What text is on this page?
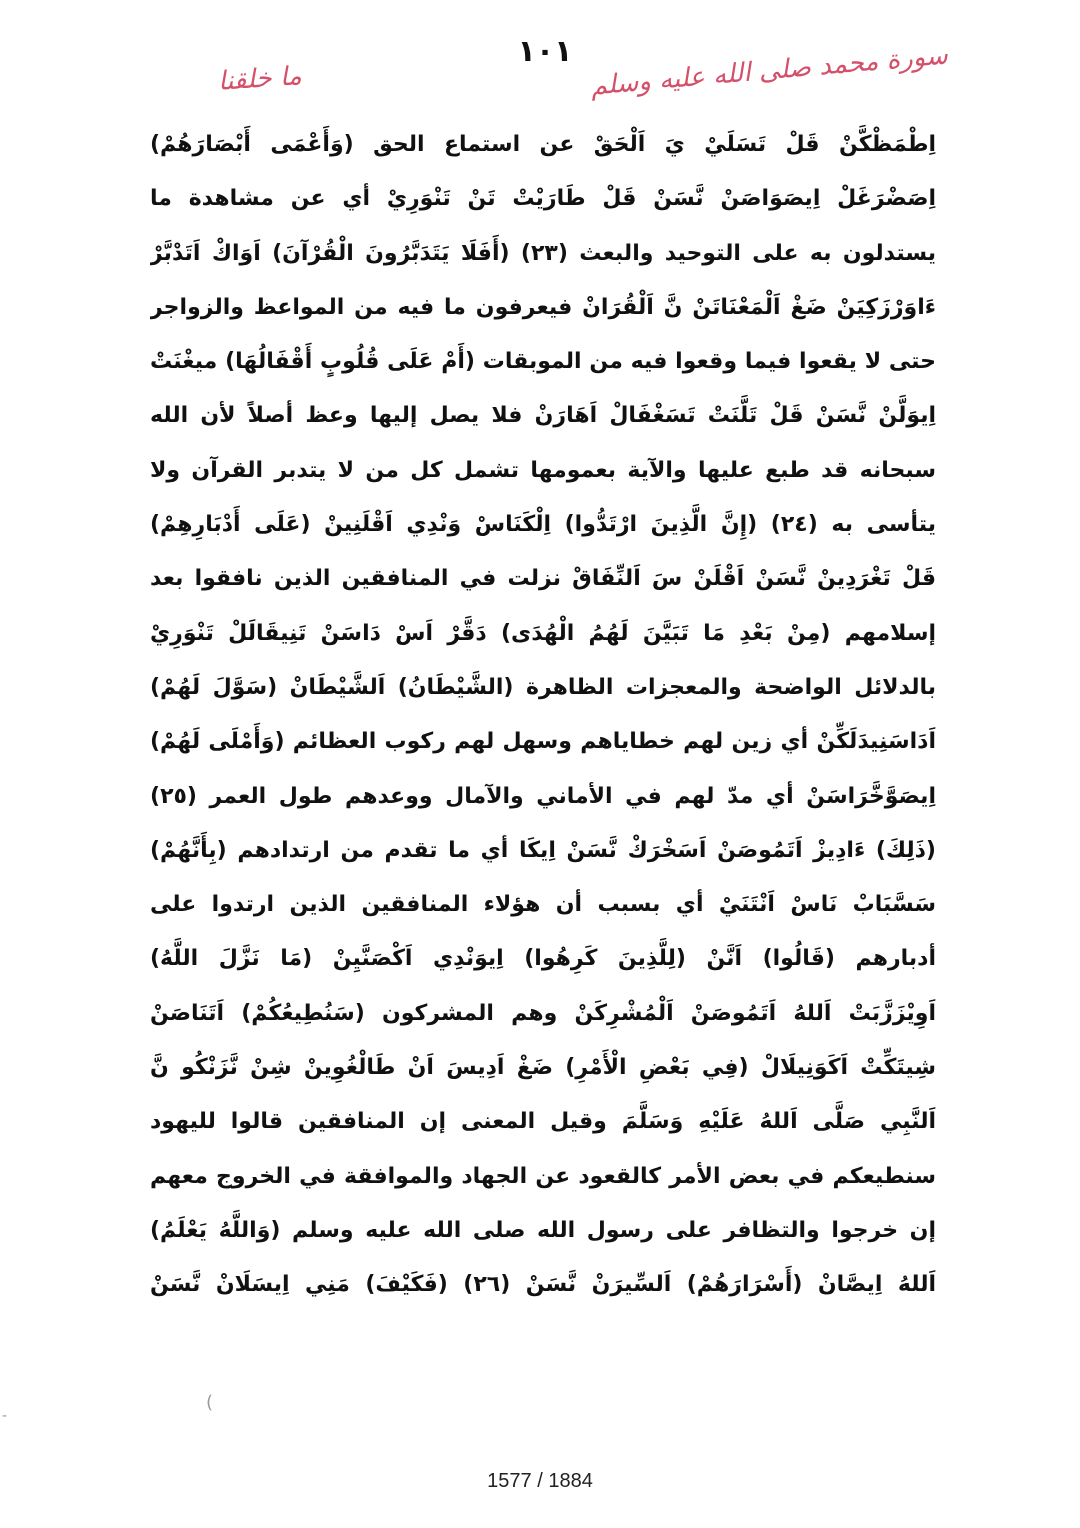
ما خلقنا
١٠١ سورة محمد صلى الله عليه وسلم
اِطْمَظْكَّنْ قَلْ تَسَلَيْ يَ اَلْحَقْ عن استماع الحق (وَأَعْمَى أَبْصَارَهُمْ)
اِصَضْرَغَلْ اِيصَوَاصَنْ نَّسَنْ قَلْ طَارَيْتْ تَنْ تَنْوَرِيْ أي عن مشاهدة ما
يستدلون به على التوحيد والبعث (٢٣) (أَفَلَا يَتَدَبَّرُونَ الْقُرْآنَ) اَوَاكْ اَتَدْبَّرْ
ءَاوَرْزَكِيَنْ ضَغْ اَلْمَعْنَاتَنْ نَّ اَلْقُرَانْ فيعرفون ما فيه من المواعظ والزواجر
حتى لا يقعوا فيما وقعوا فيه من الموبقات (أَمْ عَلَى قُلُوبٍ أَقْفَالُهَا) ميغْنَتْ
اِيوَلَّنْ نَّسَنْ قَلْ تَلَّنَتْ تَسَغْفَالْ اَهَارَنْ فلا يصل إليها وعظ أصلاً لأن الله
سبحانه قد طبع عليها والآية بعمومها تشمل كل من لا يتدبر القرآن ولا
يتأسى به (٢٤) (إِنَّ الَّذِينَ ارْتَدُّوا) اِلْكَنَاسْ وَنْدِي اَقْلَنِينْ (عَلَى أَدْبَارِهِمْ)
قَلْ تَغْرَدِينْ نَّسَنْ اَقْلَنْ سَ اَلنِّفَاقْ نزلت في المنافقين الذين نافقوا بعد
إسلامهم (مِنْ بَعْدِ مَا تَبَيَّنَ لَهُمُ الْهُدَى) دَقَّرْ اَسْ دَاسَنْ تَنِيقَالَلْ تَنْوَرِيْ
بالدلائل الواضحة والمعجزات الظاهرة (الشَّيْطَانُ) اَلشَّيْطَانْ (سَوَّلَ لَهُمْ)
اَدَاسَنِيدَلَكِّنْ أي زين لهم خطاياهم وسهل لهم ركوب العظائم (وَأَمْلَى لَهُمْ)
اِيصَوَّخَّرَاسَنْ أي مدّ لهم في الأماني والآمال ووعدهم طول العمر (٢٥)
(ذَلِكَ) ءَادِيزْ اَتَمُوصَنْ اَسَخْرَكْ نَّسَنْ اِيكَا أي ما تقدم من ارتدادهم (بِأَنَّهُمْ)
سَسَّبَابْ نَاسْ اَنْتَنَيْ أي بسبب أن هؤلاء المنافقين الذين ارتدوا على
أدبارهم (قَالُوا) اَنَّنْ (لِلَّذِينَ كَرِهُوا) اِيوَنْدِي اَكْصَنَّيِنْ (مَا نَزَّلَ اللَّهُ)
اَوِيْزَزَّبَتْ اَللهُ اَتَمُوصَنْ اَلْمُشْرِكَنْ وهم المشركون (سَنُطِيعُكُمْ) اَتَنَاصَنْ
شِيتَكِّتْ اَكَوَنِيلَالْ (فِي بَعْضِ الْأَمْرِ) ضَغْ اَدِيسَ اَنْ طَالْغُوِينْ شِنْ نَّزَنْكُو نَّ
اَلنَّبِي صَلَّى اَللهُ عَلَيْهِ وَسَلَّمَ وقيل المعنى إن المنافقين قالوا لليهود
سنطيعكم في بعض الأمر كالقعود عن الجهاد والموافقة في الخروج معهم
إن خرجوا والتظافر على رسول الله صلى الله عليه وسلم (وَاللَّهُ يَعْلَمُ)
اَللهُ اِيصَّانْ (أَسْرَارَهُمْ) اَلسِّيرَنْ نَّسَنْ (٢٦) (فَكَيْفَ) مَنِي اِيسَلَانْ نَّسَنْ
(
-
1577 / 1884
